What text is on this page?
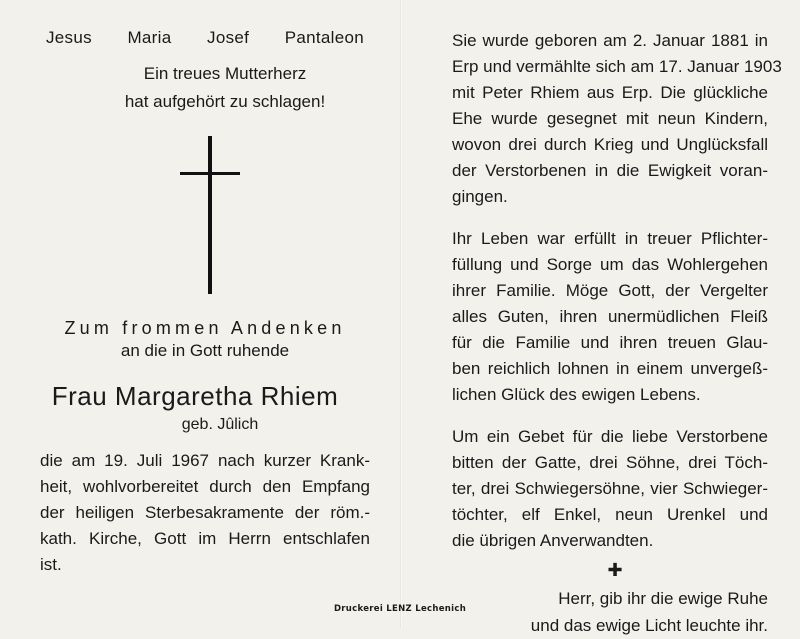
Jesus Maria Josef Pantaleon
Ein treues Mutterherz
hat aufgehört zu schlagen!
Zum frommen Andenken
an die in Gott ruhende
Frau Margaretha Rhiem
geb. Jûlich
die am 19. Juli 1967 nach kurzer Krank-
heit, wohlvorbereitet durch den Empfang
der heiligen Sterbesakramente der röm.-
kath. Kirche, Gott im Herrn entschlafen
ist.
Sie wurde geboren am 2. Januar 1881 in
Erp und vermählte sich am 17. Januar 1903
mit Peter Rhiem aus Erp. Die glückliche
Ehe wurde gesegnet mit neun Kindern,
wovon drei durch Krieg und Unglücksfall
der Verstorbenen in die Ewigkeit voran-
gingen.
Ihr Leben war erfüllt in treuer Pflichter-
füllung und Sorge um das Wohlergehen
ihrer Familie. Möge Gott, der Vergelter
alles Guten, ihren unermüdlichen Fleiß
für die Familie und ihren treuen Glau-
ben reichlich lohnen in einem unvergeß-
lichen Glück des ewigen Lebens.
Um ein Gebet für die liebe Verstorbene
bitten der Gatte, drei Söhne, drei Töch-
ter, drei Schwiegersöhne, vier Schwieger-
töchter, elf Enkel, neun Urenkel und
die übrigen Anverwandten.
✚
Herr, gib ihr die ewige Ruhe
und das ewige Licht leuchte ihr.
Druckerei LENZ Lechenich
